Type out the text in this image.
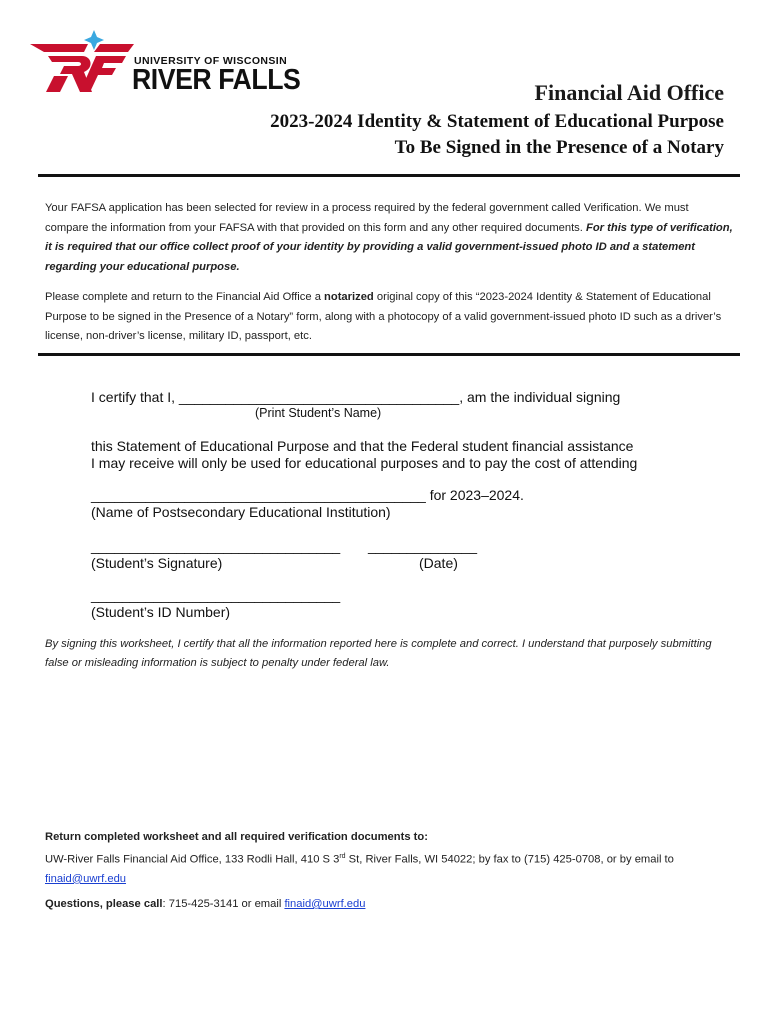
UNIVERSITY OF WISCONSIN
RIVER FALLS	Financial Aid Office
2023-2024 Identity & Statement of Educational Purpose
To Be Signed in the Presence of a Notary
Your FAFSA application has been selected for review in a process required by the federal government called Verification. We must compare the information from your FAFSA with that provided on this form and any other required documents. For this type of verification, it is required that our office collect proof of your identity by providing a valid government-issued photo ID and a statement regarding your educational purpose.
Please complete and return to the Financial Aid Office a notarized original copy of this “2023-2024 Identity & Statement of Educational Purpose to be signed in the Presence of a Notary” form, along with a photocopy of a valid government-issued photo ID such as a driver’s license, non-driver’s license, military ID, passport, etc.
I certify that I, ____________________________________, am the individual signing
(Print Student’s Name)
this Statement of Educational Purpose and that the Federal student financial assistance
I may receive will only be used for educational purposes and to pay the cost of attending
___________________________________________ for 2023–2024.
(Name of Postsecondary Educational Institution)
________________________________ ______________
(Student’s Signature)	(Date)
________________________________
(Student’s ID Number)
By signing this worksheet, I certify that all the information reported here is complete and correct. I understand that purposely submitting false or misleading information is subject to penalty under federal law.
Return completed worksheet and all required verification documents to:
UW-River Falls Financial Aid Office, 133 Rodli Hall, 410 S 3rd St, River Falls, WI 54022; by fax to (715) 425-0708, or by email to
finaid@uwrf.edu
Questions, please call: 715-425-3141 or email finaid@uwrf.edu
